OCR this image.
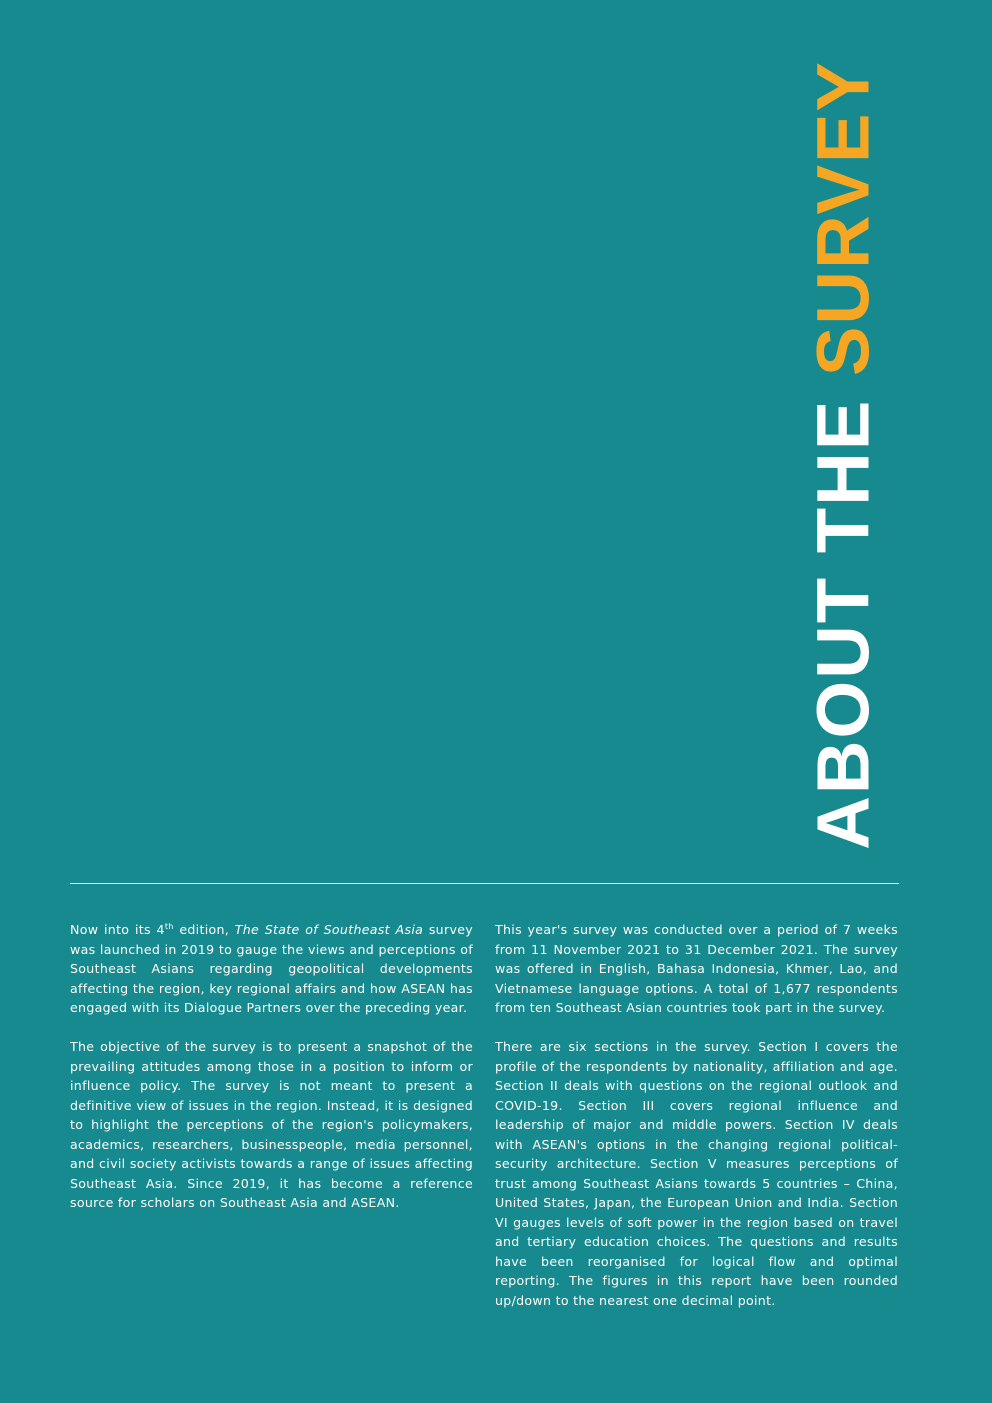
ABOUT THE SURVEY

Now into its 4th edition, The State of Southeast Asia survey was launched in 2019 to gauge the views and perceptions of Southeast Asians regarding geopolitical developments affecting the region, key regional affairs and how ASEAN has engaged with its Dialogue Partners over the preceding year.

The objective of the survey is to present a snapshot of the prevailing attitudes among those in a position to inform or influence policy. The survey is not meant to present a definitive view of issues in the region. Instead, it is designed to highlight the perceptions of the region's policymakers, academics, researchers, businesspeople, media personnel, and civil society activists towards a range of issues affecting Southeast Asia. Since 2019, it has become a reference source for scholars on Southeast Asia and ASEAN.

This year's survey was conducted over a period of 7 weeks from 11 November 2021 to 31 December 2021. The survey was offered in English, Bahasa Indonesia, Khmer, Lao, and Vietnamese language options. A total of 1,677 respondents from ten Southeast Asian countries took part in the survey.

There are six sections in the survey. Section I covers the profile of the respondents by nationality, affiliation and age. Section II deals with questions on the regional outlook and COVID-19. Section III covers regional influence and leadership of major and middle powers. Section IV deals with ASEAN's options in the changing regional political-security architecture. Section V measures perceptions of trust among Southeast Asians towards 5 countries – China, United States, Japan, the European Union and India. Section VI gauges levels of soft power in the region based on travel and tertiary education choices. The questions and results have been reorganised for logical flow and optimal reporting. The figures in this report have been rounded up/down to the nearest one decimal point.
